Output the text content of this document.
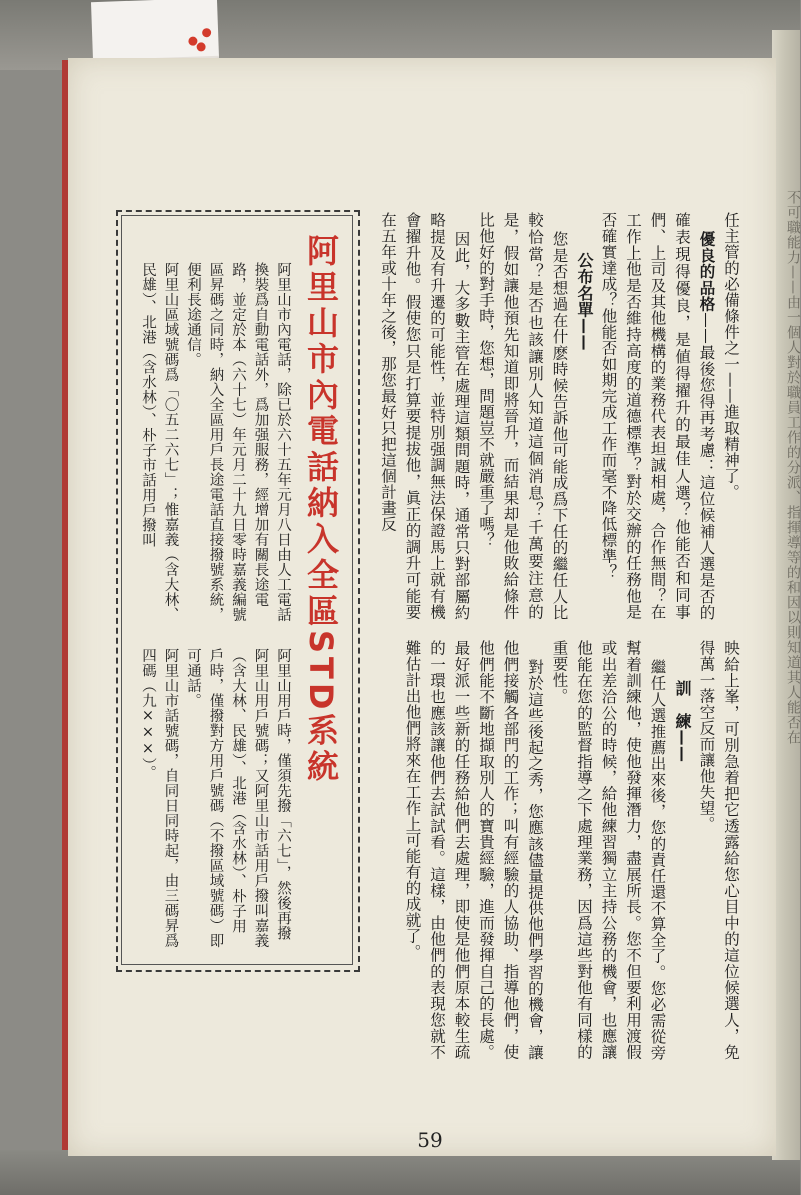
不可職能力——由一個人對於職員工作的分派、指揮導等的和因以則知道其人能否在

任主管的必備條件之一——進取精神了。

優良的品格——最後您得再考慮：這位候補人選是否的確表現得優良，是値得擢升的最佳人選？他能否和同事們、上司及其他機構的業務代表坦誠相處，合作無間？在工作上他是否維持高度的道德標準？對於交辦的任務他是否確實達成？他能否如期完成工作而毫不降低標準？

公布名單——

您是否想過在什麽時候告訴他可能成爲下任的繼任人比較恰當？是否也該讓別人知道這個消息？千萬要注意的是，假如讓他預先知道即將晉升，而結果却是他敗給條件比他好的對手時，您想，問題豈不就嚴重了嗎？

因此，大多數主管在處理這類問題時，通常只對部屬約略提及有升遷的可能性，並特別强調無法保證馬上就有機會擢升他。假使您只是打算要提拔他，眞正的調升可能要在五年或十年之後，那您最好只把這個計畫反

映給上峯，可別急着把它透露給您心目中的這位候選人，免得萬一落空反而讓他失望。

訓　練——

繼任人選推薦出來後，您的責任還不算全了。您必需從旁幫着訓練他，使他發揮潛力，盡展所長。您不但要利用渡假或出差洽公的時候，給他練習獨立主持公務的機會，也應讓他能在您的監督指導之下處理業務，因爲這些對他有同樣的重要性。

對於這些後起之秀，您應該儘量提供他們學習的機會，讓他們接觸各部門的工作；叫有經驗的人協助、指導他們，使他們能不斷地擷取別人的寶貴經驗，進而發揮自己的長處。最好派一些新的任務給他們去處理，即使是他們原本較生疏的一環也應該讓他們去試試看。這樣，由他們的表現您就不難估計出他們將來在工作上可能有的成就了。

阿里山市內電話納入全區STD系統

阿里山市內電話，除已於六十五年元月八日由人工電話換裝爲自動電話外，爲加强服務，經增加有關長途電路，並定於本（六十七）年元月二十九日零時嘉義編號區昇碼之同時，納入全區用戶長途電話直接撥號系統，便利長途通信。

阿里山區域號碼爲「〇五二六七」；惟嘉義（含大林、民雄）、北港（含水林）、朴子市話用戶撥叫

阿里山用戶時，僅須先撥「六七」，然後再撥阿里山用戶號碼；又阿里山市話用戶撥叫嘉義（含大林、民雄）、北港（含水林）、朴子用戶時，僅撥對方用戶號碼（不撥區域號碼）即可通話。

阿里山市話號碼，自同日同時起，由三碼昇爲四碼（九×××）。

59
